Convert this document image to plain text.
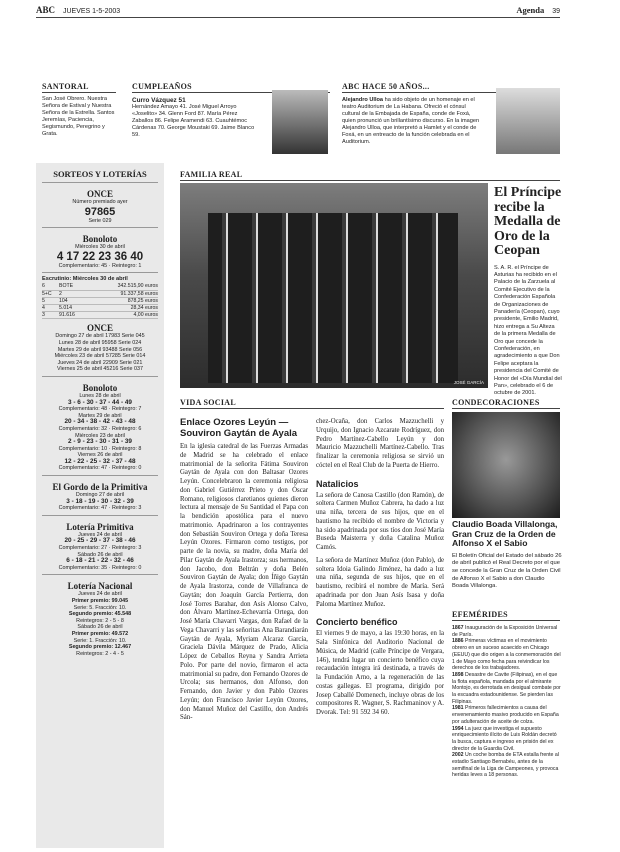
ABC JUEVES 1-5-2003	Agenda 39
SANTORAL
San José Obrero. Nuestra Señora de Estival y Nuestra Señora de la Estrella. Santos Jeremías, Paciencia, Segismundo, Peregrino y Grata.
CUMPLEAÑOS
Curro Vázquez 51
Hernández Amayo 41. José Miguel Arroyo «Joselito» 34. Glenn Ford 87. María Pérez Zaballos 86. Felipe Aramendi 63. Cuauhtémoc Cárdenas 70. George Moustaki 69. Jaime Blanco 59.
ABC HACE 50 AÑOS...
Alejandro Ulloa ha sido objeto de un homenaje en el teatro Auditorium de La Habana. Ofreció el cónsul cultural de la Embajada de España, conde de Foxá, quien pronunció un brillantísimo discurso. En la imagen Alejandro Ulloa, que interpretó a Hamlet y el conde de Foxá, en un entreacto de la función celebrada en el Auditorium.
SORTEOS Y LOTERÍAS
ONCE
Número premiado ayer
97865
Serie 029
Bonoloto
Miércoles 30 de abril
4 17 22 23 36 40
Complementario: 45 · Reintegro: 1
Escrutinio: Miércoles 30 de abril
6	BOTE	342.515,90 euros
5+C	2	91.337,58 euros
5	104	878,25 euros
4	5.014	28,34 euros
3	91.616	4,00 euros
ONCE
Domingo 27 de abril 17983 Serie 045
Lunes 28 de abril 95958 Serie 024
Martes 29 de abril 93488 Serie 056
Miércoles 23 de abril 57285 Serie 014
Jueves 24 de abril 22909 Serie 021
Viernes 25 de abril 45216 Serie 037
Bonoloto
Lunes 28 de abril
3 - 6 - 30 - 37 - 44 - 49
Complementario: 48 · Reintegro: 7
Martes 29 de abril
20 - 34 - 38 - 42 - 43 - 48
Complementario: 32 · Reintegro: 6
Miércoles 23 de abril
2 - 9 - 23 - 30 - 31 - 39
Complementario: 10 · Reintegro: 8
Viernes 26 de abril
12 - 22 - 25 - 32 - 37 - 48
Complementario: 47 · Reintegro: 0
El Gordo de la Primitiva
Domingo 27 de abril
3 - 18 - 19 - 30 - 32 - 39
Complementario: 47 · Reintegro: 3
Lotería Primitiva
Jueves 24 de abril
20 - 25 - 29 - 37 - 38 - 46
Complementario: 27 · Reintegro: 3
Sábado 26 de abril
6 - 18 - 21 - 22 - 32 - 46
Complementario: 35 · Reintegro: 0
Lotería Nacional
Jueves 24 de abril
Primer premio: 99.045
Serie: 5. Fracción: 10.
Segundo premio: 45.548
Reintegros: 2 - 5 - 8
Sábado 26 de abril
Primer premio: 49.572
Serie: 1. Fracción: 10.
Segundo premio: 12.467
Reintegros: 2 - 4 - 5
FAMILIA REAL
JOSÉ GARCÍA
El Príncipe recibe la Medalla de Oro de la Ceopan
S. A. R. el Príncipe de Asturias ha recibido en el Palacio de la Zarzuela al Comité Ejecutivo de la Confederación Española de Organizaciones de Panadería (Ceopan), cuyo presidente, Emilio Madrid, hizo entrega a Su Alteza de la primera Medalla de Oro que concede la Confederación, en agradecimiento a que Don Felipe aceptara la presidencia del Comité de Honor del «Día Mundial del Pan», celebrado el 6 de octubre de 2001.
VIDA SOCIAL
Enlace Ozores Leyún — Souviron Gaytán de Ayala
En la iglesia catedral de las Fuerzas Armadas de Madrid se ha celebrado el enlace matrimonial de la señorita Fátima Souviron Gaytán de Ayala con don Baltasar Ozores Leyún. Concelebraron la ceremonia religiosa don Gabriel Gutiérrez Prieto y don Óscar Romano, religiosos claretianos quienes dieron lectura al mensaje de Su Santidad el Papa con la bendición apostólica para el nuevo matrimonio. Apadrinaron a los contrayentes don Sebastián Souviron Ortega y doña Teresa Leyún Ozores. Firmaron como testigos, por parte de la novia, su madre, doña María del Pilar Gaytán de Ayala Irastorza; sus hermanos, don Jacobo, don Beltrán y doña Belén Souviron Gaytán de Ayala; don Íñigo Gaytán de Ayala Irastorza, conde de Villafranca de Gaytán; don Joaquín García Pertierra, don José Torres Barahar, don Asís Alonso Calvo, don Álvaro Martínez-Echevarría Ortega, don José María Chavarri Vargas, don Rafael de la Vega Chavarri y las señoritas Ana Barandiarán Gaytán de Ayala, Myriam Alcaraz García, Graciela Dávila Márquez de Prado, Alicia López de Ceballos Reyna y Sandra Arrieta Polo. Por parte del novio, firmaron el acta matrimonial su padre, don Fernando Ozores de Urcola; sus hermanos, don Alfonso, don Fernando, don Javier y don Pablo Ozores Leyún; don Francisco Javier Leyún Ozores, don Manuel Muñoz del Castillo, don Andrés Sán-
chez-Ocaña, don Carlos Mazzuchelli y Urquijo, don Ignacio Azcarate Rodríguez, don Pedro Martínez-Cabello Leyún y don Mauricio Mazzuchelli Martínez-Cabello. Tras finalizar la ceremonia religiosa se sirvió un cóctel en el Real Club de la Puerta de Hierro.
Natalicios
La señora de Canosa Castillo (don Ramón), de soltera Carmen Muñoz Cabrera, ha dado a luz una niña, tercera de sus hijos, que en el bautismo ha recibido el nombre de Victoria y ha sido apadrinada por sus tíos don José María Buseda Maisterra y doña Catalina Muñoz Camós.
La señora de Martínez Muñoz (don Pablo), de soltera Idoia Galindo Jiménez, ha dado a luz una niña, segunda de sus hijos, que en el bautismo, recibirá el nombre de María. Será apadrinada por don Juan Asís Isasa y doña Paloma Martínez Muñoz.
Concierto benéfico
El viernes 9 de mayo, a las 19:30 horas, en la Sala Sinfónica del Auditorio Nacional de Música, de Madrid (calle Príncipe de Vergara, 146), tendrá lugar un concierto benéfico cuya recaudación íntegra irá destinada, a través de la Fundación Arno, a la regeneración de las costas gallegas. El programa, dirigido por Josep Caballé Domenech, incluye obras de los compositores R. Wagner, S. Rachmaninov y A. Dvorak. Tel: 91 592 34 60.
CONDECORACIONES
Claudio Boada Villalonga, Gran Cruz de la Orden de Alfonso X el Sabio
El Boletín Oficial del Estado del sábado 26 de abril publicó el Real Decreto por el que se concede la Gran Cruz de la Orden Civil de Alfonso X el Sabio a don Claudio Boada Villalonga.
EFEMÉRIDES
1867 Inauguración de la Exposición Universal de París.
1886 Primeras víctimas en el movimiento obrero en un suceso acaecido en Chicago (EEUU) que dio origen a la conmemoración del 1 de Mayo como fecha para reivindicar los derechos de los trabajadores.
1898 Desastre de Cavite (Filipinas), en el que la flota española, mandada por el almirante Montojo, es derrotada en desigual combate por la escuadra estadounidense. Se pierden las Filipinas.
1981 Primeros fallecimientos a causa del envenenamiento masivo producido en España por adulteración de aceite de colza.
1994 La juez que investiga el supuesto enriquecimiento ilícito de Luis Roldán decretó la busca, captura e ingreso en prisión del ex director de la Guardia Civil.
2002 Un coche bomba de ETA estalla frente al estadio Santiago Bernabéu, antes de la semifinal de la Liga de Campeones, y provoca heridas leves a 18 personas.
